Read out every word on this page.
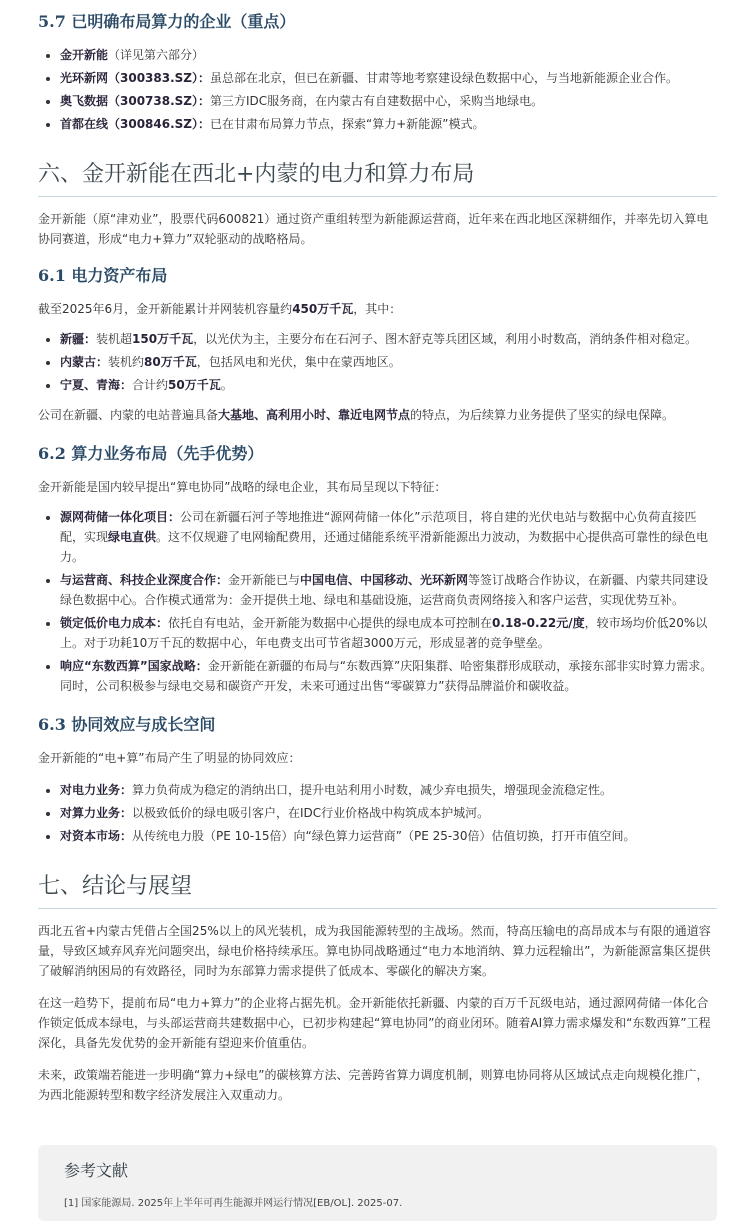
5.7 已明确布局算力的企业（重点）
• 金开新能（详见第六部分）
• 光环新网（300383.SZ）：虽总部在北京，但已在新疆、甘肃等地考察建设绿色数据中心，与当地新能源企业合作。
• 奥飞数据（300738.SZ）：第三方IDC服务商，在内蒙古有自建数据中心，采购当地绿电。
• 首都在线（300846.SZ）：已在甘肃布局算力节点，探索“算力+新能源”模式。
六、金开新能在西北+内蒙的电力和算力布局

金开新能（原“津劝业”，股票代码600821）通过资产重组转型为新能源运营商，近年来在西北地区深耕细作，并率先切入算电协同赛道，形成“电力+算力”双轮驱动的战略格局。

6.1 电力资产布局

截至2025年6月，金开新能累计并网装机容量约450万千瓦，其中：

• 新疆：装机超150万千瓦，以光伏为主，主要分布在石河子、图木舒克等兵团区域，利用小时数高，消纳条件相对稳定。
• 内蒙古：装机约80万千瓦，包括风电和光伏，集中在蒙西地区。
• 宁夏、青海：合计约50万千瓦。

公司在新疆、内蒙的电站普遍具备大基地、高利用小时、靠近电网节点的特点，为后续算力业务提供了坚实的绿电保障。

6.2 算力业务布局（先手优势）

金开新能是国内较早提出“算电协同”战略的绿电企业，其布局呈现以下特征：

• 源网荷储一体化项目：公司在新疆石河子等地推进“源网荷储一体化”示范项目，将自建的光伏电站与数据中心负荷直接匹配，实现绿电直供。这不仅规避了电网输配费用，还通过储能系统平滑新能源出力波动，为数据中心提供高可靠性的绿色电力。
• 与运营商、科技企业深度合作：金开新能已与中国电信、中国移动、光环新网等签订战略合作协议，在新疆、内蒙共同建设绿色数据中心。合作模式通常为：金开提供土地、绿电和基础设施，运营商负责网络接入和客户运营，实现优势互补。
• 锁定低价电力成本：依托自有电站，金开新能为数据中心提供的绿电成本可控制在0.18-0.22元/度，较市场均价低20%以上。对于功耗10万千瓦的数据中心，年电费支出可节省超3000万元，形成显著的竞争壁垒。
• 响应“东数西算”国家战略：金开新能在新疆的布局与“东数西算”庆阳集群、哈密集群形成联动，承接东部非实时算力需求。同时，公司积极参与绿电交易和碳资产开发，未来可通过出售“零碳算力”获得品牌溢价和碳收益。
6.3 协同效应与成长空间

金开新能的“电+算”布局产生了明显的协同效应：

• 对电力业务：算力负荷成为稳定的消纳出口，提升电站利用小时数，减少弃电损失，增强现金流稳定性。
• 对算力业务：以极致低价的绿电吸引客户，在IDC行业价格战中构筑成本护城河。
• 对资本市场：从传统电力股（PE 10-15倍）向“绿色算力运营商”（PE 25-30倍）估值切换，打开市值空间。
七、结论与展望

西北五省+内蒙古凭借占全国25%以上的风光装机，成为我国能源转型的主战场。然而，特高压输电的高昂成本与有限的通道容量，导致区域弃风弃光问题突出，绿电价格持续承压。算电协同战略通过“电力本地消纳、算力远程输出”，为新能源富集区提供了破解消纳困局的有效路径，同时为东部算力需求提供了低成本、零碳化的解决方案。

在这一趋势下，提前布局“电力+算力”的企业将占据先机。金开新能依托新疆、内蒙的百万千瓦级电站，通过源网荷储一体化合作锁定低成本绿电，与头部运营商共建数据中心，已初步构建起“算电协同”的商业闭环。随着AI算力需求爆发和“东数西算”工程深化，具备先发优势的金开新能有望迎来价值重估。

未来，政策端若能进一步明确“算力+绿电”的碳核算方法、完善跨省算力调度机制，则算电协同将从区域试点走向规模化推广，为西北能源转型和数字经济发展注入双重动力。

参考文献
[1] 国家能源局. 2025年上半年可再生能源并网运行情况[EB/OL]. 2025-07.
